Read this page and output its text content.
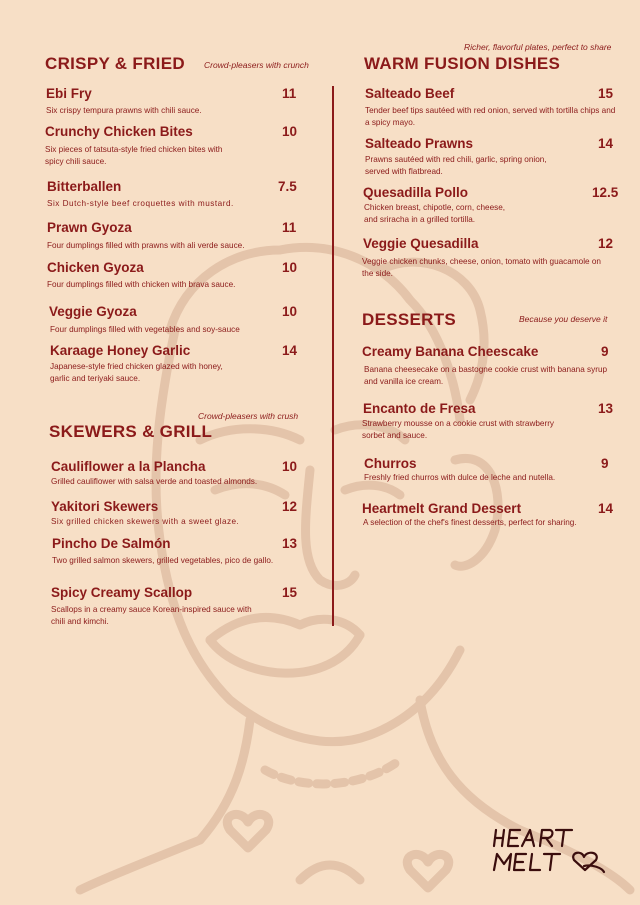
CRISPY & FRIED Crowd-pleasers with crunch
Ebi Fry	11
Six crispy tempura prawns with chili sauce.
Crunchy Chicken Bites	10
Six pieces of tatsuta-style fried chicken bites with spicy chili sauce.
Bitterballen	7.5
Six Dutch-style beef croquettes with mustard.
Prawn Gyoza	11
Four dumplings filled with prawns with ali verde sauce.
Chicken Gyoza	10
Four dumplings filled with chicken with brava sauce.
Veggie Gyoza	10
Four dumplings filled with vegetables and soy-sauce
Karaage Honey Garlic	14
Japanese-style fried chicken glazed with honey, garlic and teriyaki sauce.
Crowd-pleasers with crush
SKEWERS & GRILL
Cauliflower a la Plancha	10
Grilled cauliflower with salsa verde and toasted almonds.
Yakitori Skewers	12
Six grilled chicken skewers with a sweet glaze.
Pincho De Salmón	13
Two grilled salmon skewers, grilled vegetables, pico de gallo.
Spicy Creamy Scallop	15
Scallops in a creamy sauce Korean-inspired sauce with chili and kimchi.
Richer, flavorful plates, perfect to share
WARM FUSION DISHES
Salteado Beef	15
Tender beef tips sautéed with red onion, served with tortilla chips and a spicy mayo.
Salteado Prawns	14
Prawns sautéed with red chili, garlic, spring onion, served with flatbread.
Quesadilla Pollo	12.5
Chicken breast, chipotle, corn, cheese, and sriracha in a grilled tortilla.
Veggie Quesadilla	12
Veggie chicken chunks, cheese, onion, tomato with guacamole on the side.
DESSERTS	Because you deserve it
Creamy Banana Cheescake	9
Banana cheesecake on a bastogne cookie crust with banana syrup and vanilla ice cream.
Encanto de Fresa	13
Strawberry mousse on a cookie crust with strawberry sorbet and sauce.
Churros	9
Freshly fried churros with dulce de leche and nutella.
Heartmelt Grand Dessert	14
A selection of the chef's finest desserts, perfect for sharing.
